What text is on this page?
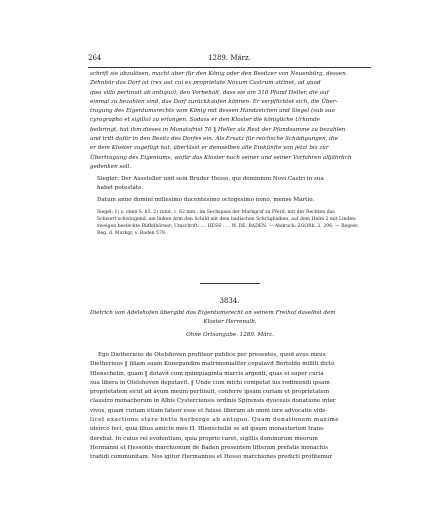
264	1289. März.
schrift sie abzulösen, macht aber für den König oder den Besitzer von Neuenbürg, dessen
Zehnbür das Dorf ist (rex aut cui ex proprietate Novum Castrum attinet, ad quod
ipsa villa pertinuit ab antiquo), den Vorbehalt, dass sie um 310 Pfund Heller, die auf
einmal zu bezahlen sind, das Dorf zurückkaufen können. Er verpflichtet sich, die Über-
tragung des Eigentumsrechts vom König mit dessen Handzeichen und Siegel (sub suo
cyrographo et sigillo) zu erlangen. Sodass er den Kloster die königliche Urkunde
beibringt, hat ihm dieses in Monatsfrist 70 ‖ Heller als Rest der Pfandsumme zu bezahlen
und tritt dafür in den Besitz des Dorfes ein. Als Ersatz für reichsche Schädigungen, die
er dem Kloster zugefügt hat, überlässt er demselben alle Einkünfte von jetzt bis zur
Übertragung des Eigentums, wofür das Kloster noch seiner und seiner Vorfahren alljährlich
gedenken soll.
Siegler: Der Aussteller und sein Bruder Hesso, qui dominium Novi Castri in sua
habet potestate.
Datum anno domini millesimo ducentesimo octogesimo nono, mense Martio.
Siegel: 1) s. oben S. 85. 2) rund, c. 62 mm., im Sechspass der Markgraf zu Pferd, mit der Rechten das
Schwert schwingend, am linken Arm den Schild mit dem badischen Schrägbalken, auf dem Helm 2 mit Linden-
zweigen besteckte Büffelhörner; Umschrift: .... HESS . . . W. DE. BADEN. — Abdruck: ZGORh. 2, 296. — Regest:
Reg. d. Markgr. v. Baden 579.
3834.
Dietrich von Adelshofen übergibt das Eigentumsrecht an seinem Freihof daselbst dem
Kloster Herrenalb.
Ohne Ortsangabe. 1289. März.
Ego Dietherieus de Otelshoven profiteor publice per presentes, quod avus meus
Dietherieus ‖ filiam suam Kunegundim matrimonialiter copulavit Bertoldo milliti dicto
Hlenschelin, quam ‖ dotavit cum quinquaginta marcis argenti, quas ei super curia
sua libera in Otelshoven deputavit. ‖ Unde cum michi competat ius redimendi ipsam
proprietatem sicut ad avum meum pertinuit, conferre ipsam curiam et proprietatem
claustro monachorum in Albis Cysterciensis ordinis Spirensis dyocesis donatione inter
vivos, quam curiam etiam fateor esse et fuisse liberam ab omni iure advocatie vide-
licet exactione sture bette herberge ab antiquo. Quam donationem maxime
ideirco feci, quia filius amicte mee H. Hlenschelin se ad ipsum monasterium trans-
derebat. In cuius rei evidentium, quia proprio caret, sigillis dominorum meorum
Hermanni et Hessonis marchionum de Baden presentem litteram prefatis monachis
tradidi communitam. Nos igitur Hermannus et Hesso marchiones predicti profitemur
